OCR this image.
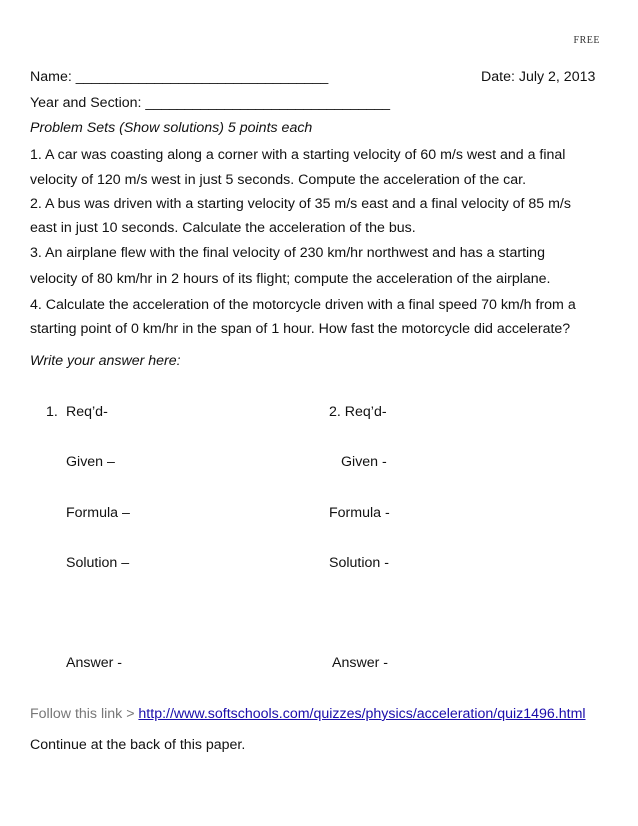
FREE
Name: ________________________________	Date: July 2, 2013
Year and Section: _______________________________
Problem Sets (Show solutions) 5 points each
1. A car was coasting along a corner with a starting velocity of 60 m/s west and a final
velocity of 120 m/s west in just 5 seconds. Compute the acceleration of the car.
2. A bus was driven with a starting velocity of 35 m/s east and a final velocity of 85 m/s
east in just 10 seconds. Calculate the acceleration of the bus.
3. An airplane flew with the final velocity of 230 km/hr northwest and has a starting
velocity of 80 km/hr in 2 hours of its flight; compute the acceleration of the airplane.
4. Calculate the acceleration of the motorcycle driven with a final speed 70 km/h from a
starting point of 0 km/hr in the span of 1 hour. How fast the motorcycle did accelerate?
Write your answer here:
1. Req’d-
Given –
Formula –
Solution –
Answer -
2. Req’d-
Given -
Formula -
Solution -
Answer -
Follow this link > http://www.softschools.com/quizzes/physics/acceleration/quiz1496.html
Continue at the back of this paper.
